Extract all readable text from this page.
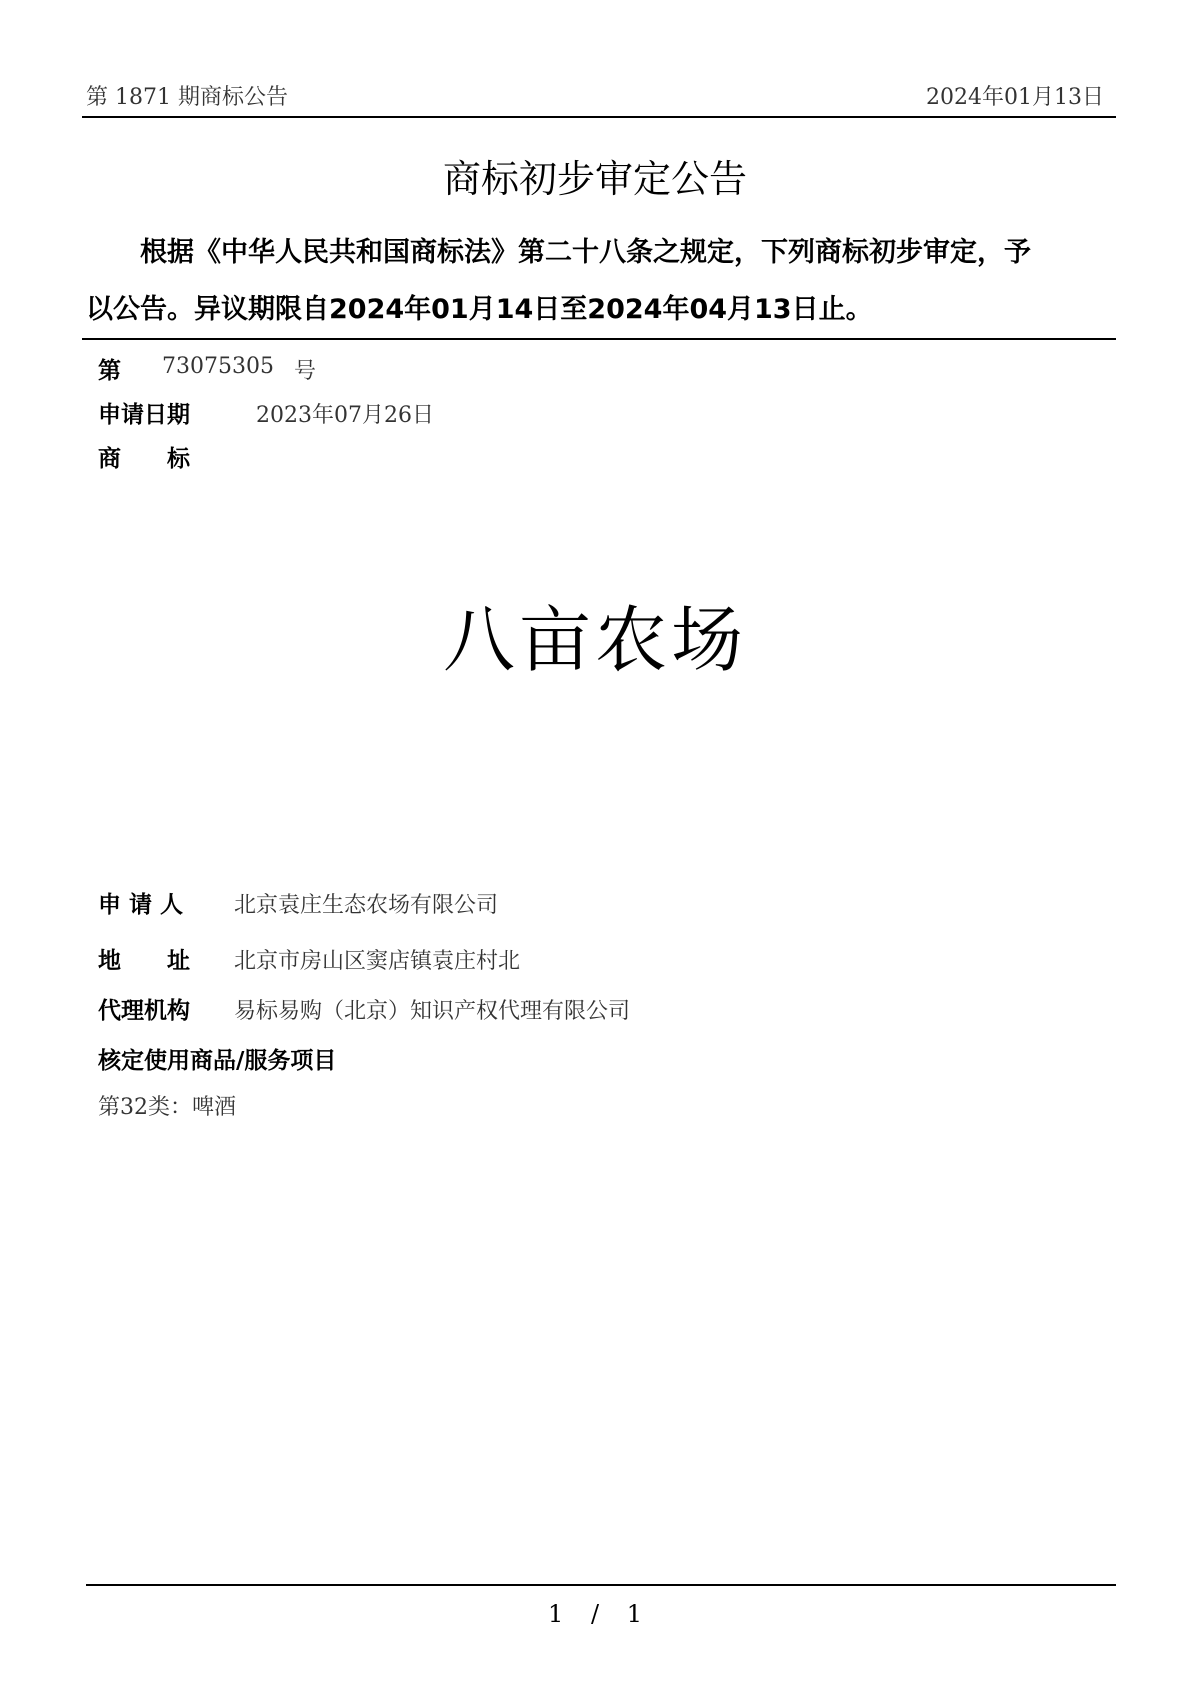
第 1871 期商标公告	2024年01月13日
商标初步审定公告
根据《中华人民共和国商标法》第二十八条之规定，下列商标初步审定，予
以公告。异议期限自2024年01月14日至2024年04月13日止。
第 73075305 号
申请日期	2023年07月26日
商　　标
八亩农场
申 请 人 北京袁庄生态农场有限公司
地　　址 北京市房山区窦店镇袁庄村北
代理机构 易标易购（北京）知识产权代理有限公司
核定使用商品/服务项目
第32类：啤酒
1 / 1
